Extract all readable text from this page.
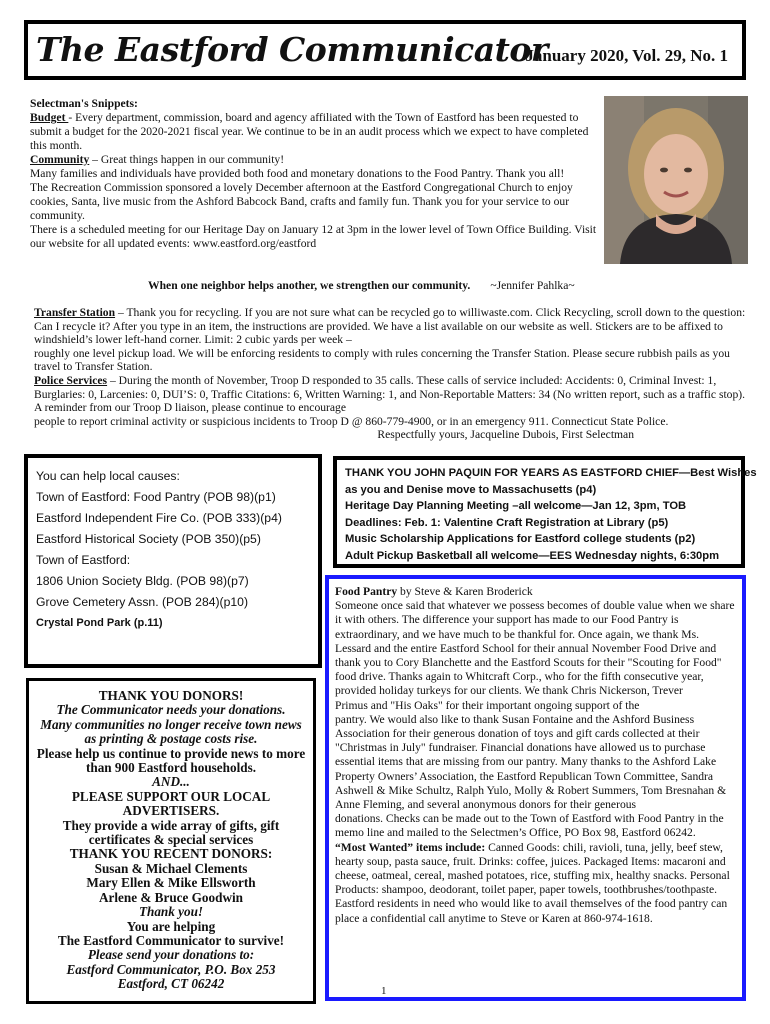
The Eastford Communicator
January 2020, Vol. 29, No. 1

Selectman's Snippets:

Budget - Every department, commission, board and agency affiliated with the Town of Eastford has been requested to submit a budget for the 2020-2021 fiscal year. We continue to be in an audit process which we expect to have completed this month.

Community – Great things happen in our community!

Many families and individuals have provided both food and monetary donations to the Food Pantry. Thank you all!

The Recreation Commission sponsored a lovely December afternoon at the Eastford Congregational Church to enjoy cookies, Santa, live music from the Ashford Babcock Band, crafts and family fun. Thank you for your service to our community.

There is a scheduled meeting for our Heritage Day on January 12 at 3pm in the lower level of Town Office Building. Visit our website for all updated events: www.eastford.org/eastford

When one neighbor helps another, we strengthen our community. ~Jennifer Pahlka~

Transfer Station – Thank you for recycling. If you are not sure what can be recycled go to williwaste.com. Click Recycling, scroll down to the question: Can I recycle it? After you type in an item, the instructions are provided. We have a list available on our website as well. Stickers are to be affixed to windshield’s lower left-hand corner. Limit: 2 cubic yards per week –

roughly one level pickup load. We will be enforcing residents to comply with rules concerning the Transfer Station. Please secure rubbish pails as you travel to Transfer Station.

Police Services – During the month of November, Troop D responded to 35 calls. These calls of service included: Accidents: 0, Criminal Invest: 1, Burglaries: 0, Larcenies: 0, DUI’S: 0, Traffic Citations: 6, Written Warning: 1, and Non-Reportable Matters: 34 (No written report, such as a traffic stop). A reminder from our Troop D liaison, please continue to encourage

people to report criminal activity or suspicious incidents to Troop D @ 860-779-4900, or in an emergency 911. Connecticut State Police.

Respectfully yours, Jacqueline Dubois, First Selectman

You can help local causes:
Town of Eastford: Food Pantry (POB 98)(p1)
Eastford Independent Fire Co. (POB 333)(p4)
Eastford Historical Society (POB 350)(p5)
Town of Eastford:
1806 Union Society Bldg. (POB 98)(p7)
Grove Cemetery Assn. (POB 284)(p10)
Crystal Pond Park (p.11)
THANK YOU JOHN PAQUIN FOR YEARS AS EASTFORD CHIEF—Best Wishes
as you and Denise move to Massachusetts (p4)
Heritage Day Planning Meeting –all welcome—Jan 12, 3pm, TOB
Deadlines: Feb. 1: Valentine Craft Registration at Library (p5)
Music Scholarship Applications for Eastford college students (p2)
Adult Pickup Basketball all welcome—EES Wednesday nights, 6:30pm
THANK YOU DONORS!
The Communicator needs your donations.
Many communities no longer receive town news as printing & postage costs rise.
Please help us continue to provide news to more than 900 Eastford households.
AND...
PLEASE SUPPORT OUR LOCAL ADVERTISERS.
They provide a wide array of gifts, gift certificates & special services
THANK YOU RECENT DONORS:
Susan & Michael Clements
Mary Ellen & Mike Ellsworth
Arlene & Bruce Goodwin
Thank you!
You are helping
The Eastford Communicator to survive!
Please send your donations to:
Eastford Communicator, P.O. Box 253
Eastford, CT 06242

Food Pantry by Steve & Karen Broderick

Someone once said that whatever we possess becomes of double value when we share it with others. The difference your support has made to our Food Pantry is extraordinary, and we have much to be thankful for. Once again, we thank Ms. Lessard and the entire Eastford School for their annual November Food Drive and thank you to Cory Blanchette and the Eastford Scouts for their "Scouting for Food" food drive. Thanks again to Whitcraft Corp., who for the fifth consecutive year, provided holiday turkeys for our clients. We thank Chris Nickerson, Trever

Primus and "His Oaks" for their important ongoing support of the

pantry. We would also like to thank Susan Fontaine and the Ashford Business Association for their generous donation of toys and gift cards collected at their "Christmas in July" fundraiser. Financial donations have allowed us to purchase essential items that are missing from our pantry. Many thanks to the Ashford Lake Property Owners’ Association, the Eastford Republican Town Committee, Sandra Ashwell & Mike Schultz, Ralph Yulo, Molly & Robert Summers, Tom Bresnahan & Anne Fleming, and several anonymous donors for their generous

donations. Checks can be made out to the Town of Eastford with Food Pantry in the memo line and mailed to the Selectmen’s Office, PO Box 98, Eastford 06242.

“Most Wanted” items include: Canned Goods: chili, ravioli, tuna, jelly, beef stew, hearty soup, pasta sauce, fruit. Drinks: coffee, juices. Packaged Items: macaroni and cheese, oatmeal, cereal, mashed potatoes, rice, stuffing mix, healthy snacks. Personal Products: shampoo, deodorant, toilet paper, paper towels, toothbrushes/toothpaste. Eastford residents in need who would like to avail themselves of the food pantry can place a confidential call anytime to Steve or Karen at 860-974-1618.

1
